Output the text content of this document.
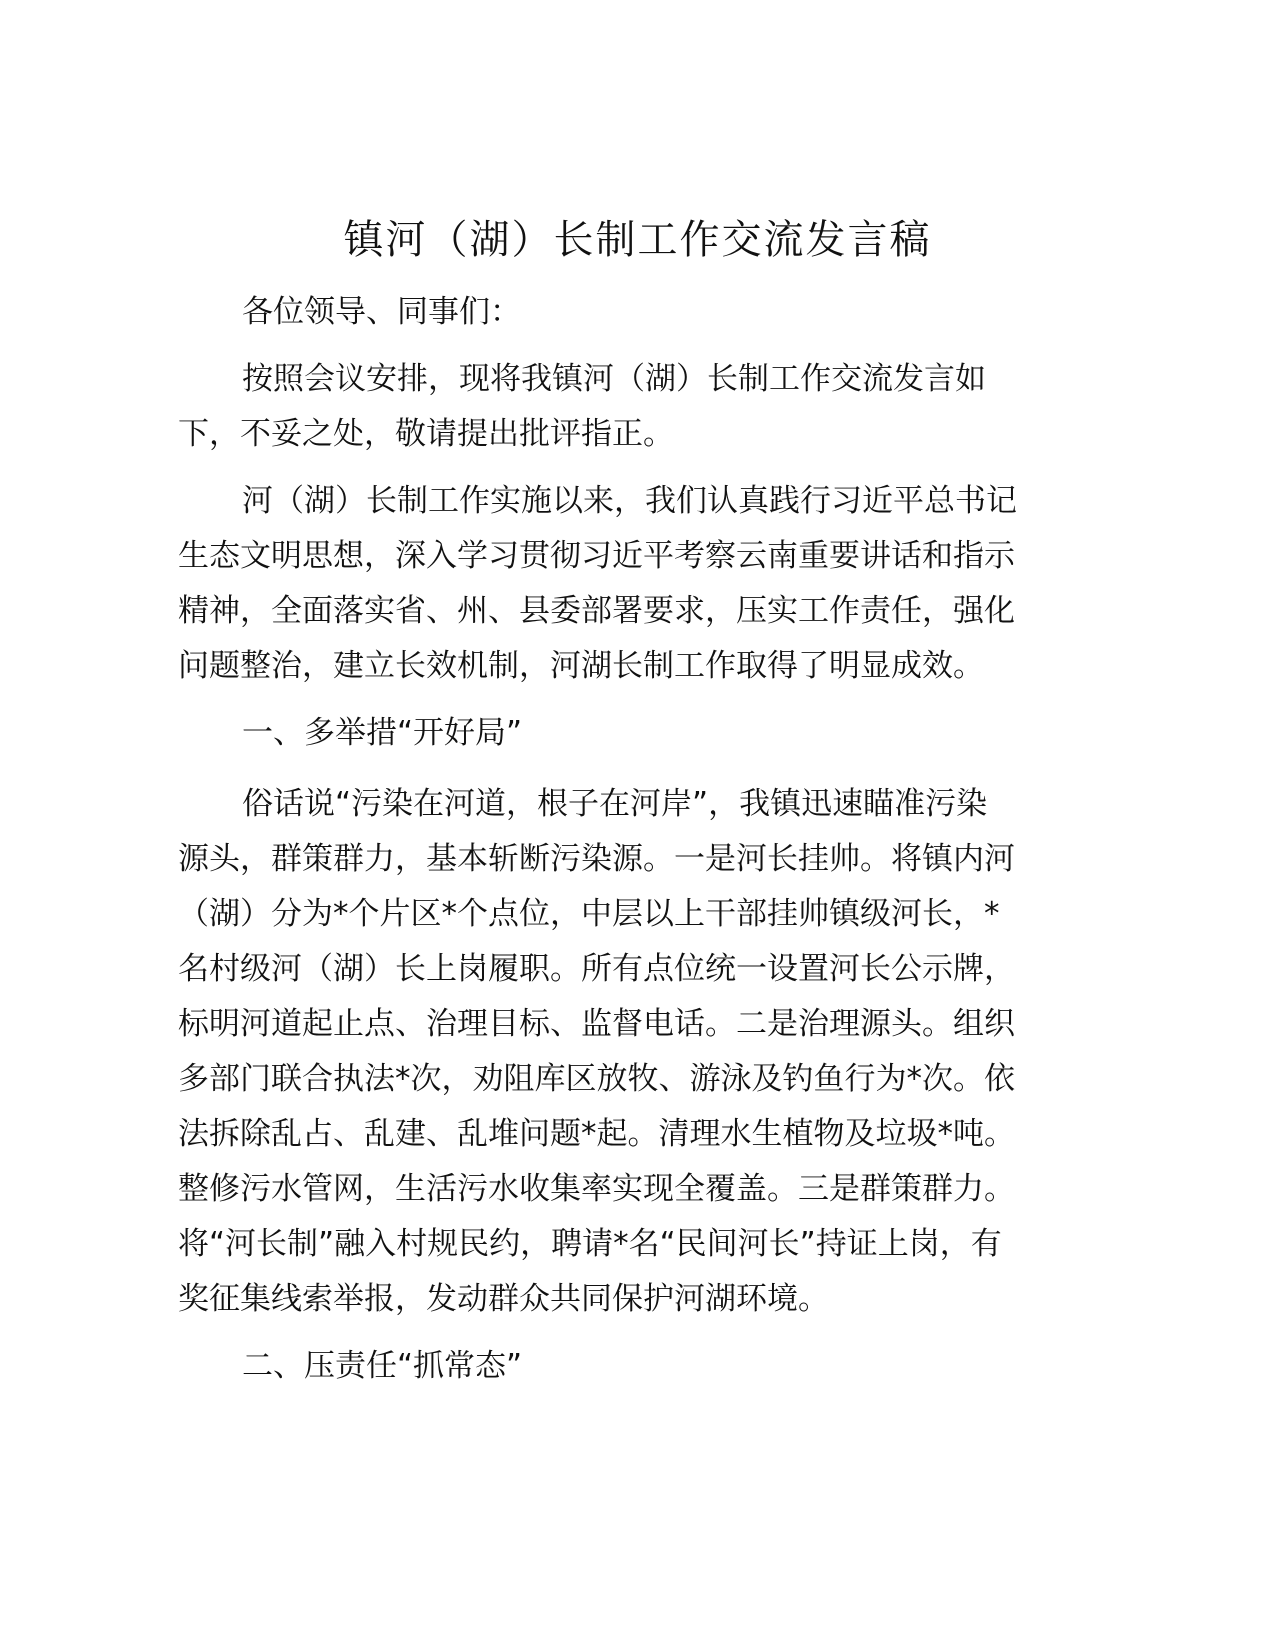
镇河（湖）长制工作交流发言稿
各位领导、同事们：
按照会议安排，现将我镇河（湖）长制工作交流发言如
下，不妥之处，敬请提出批评指正。
河（湖）长制工作实施以来，我们认真践行习近平总书记
生态文明思想，深入学习贯彻习近平考察云南重要讲话和指示
精神，全面落实省、州、县委部署要求，压实工作责任，强化
问题整治，建立长效机制，河湖长制工作取得了明显成效。
一、多举措“开好局”
俗话说“污染在河道，根子在河岸”，我镇迅速瞄准污染
源头，群策群力，基本斩断污染源。一是河长挂帅。将镇内河
（湖）分为*个片区*个点位，中层以上干部挂帅镇级河长，*
名村级河（湖）长上岗履职。所有点位统一设置河长公示牌，
标明河道起止点、治理目标、监督电话。二是治理源头。组织
多部门联合执法*次，劝阻库区放牧、游泳及钓鱼行为*次。依
法拆除乱占、乱建、乱堆问题*起。清理水生植物及垃圾*吨。
整修污水管网，生活污水收集率实现全覆盖。三是群策群力。
将“河长制”融入村规民约，聘请*名“民间河长”持证上岗，有
奖征集线索举报，发动群众共同保护河湖环境。
二、压责任“抓常态”
